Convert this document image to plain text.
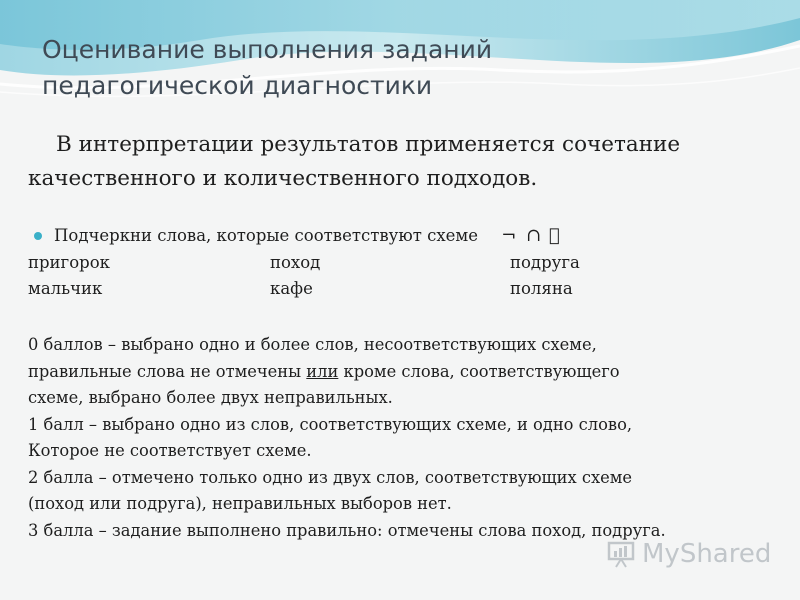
Оценивание выполнения заданий
педагогической диагностики
В интерпретации результатов применяется сочетание
качественного и количественного подходов.
Подчеркни слова, которые соответствуют схеме ¬ ∩ ⃞
пригорок	поход	подруга
мальчик	кафе	поляна
0 баллов – выбрано одно и более слов, несоответствующих схеме,
правильные слова не отмечены или кроме слова, соответствующего
схеме, выбрано более двух неправильных.
1 балл – выбрано одно из слов, соответствующих схеме, и одно слово,
Которое не соответствует схеме.
2 балла – отмечено только одно из двух слов, соответствующих схеме
(поход или подруга), неправильных выборов нет.
3 балла – задание выполнено правильно: отмечены слова поход, подруга.
MyShared
